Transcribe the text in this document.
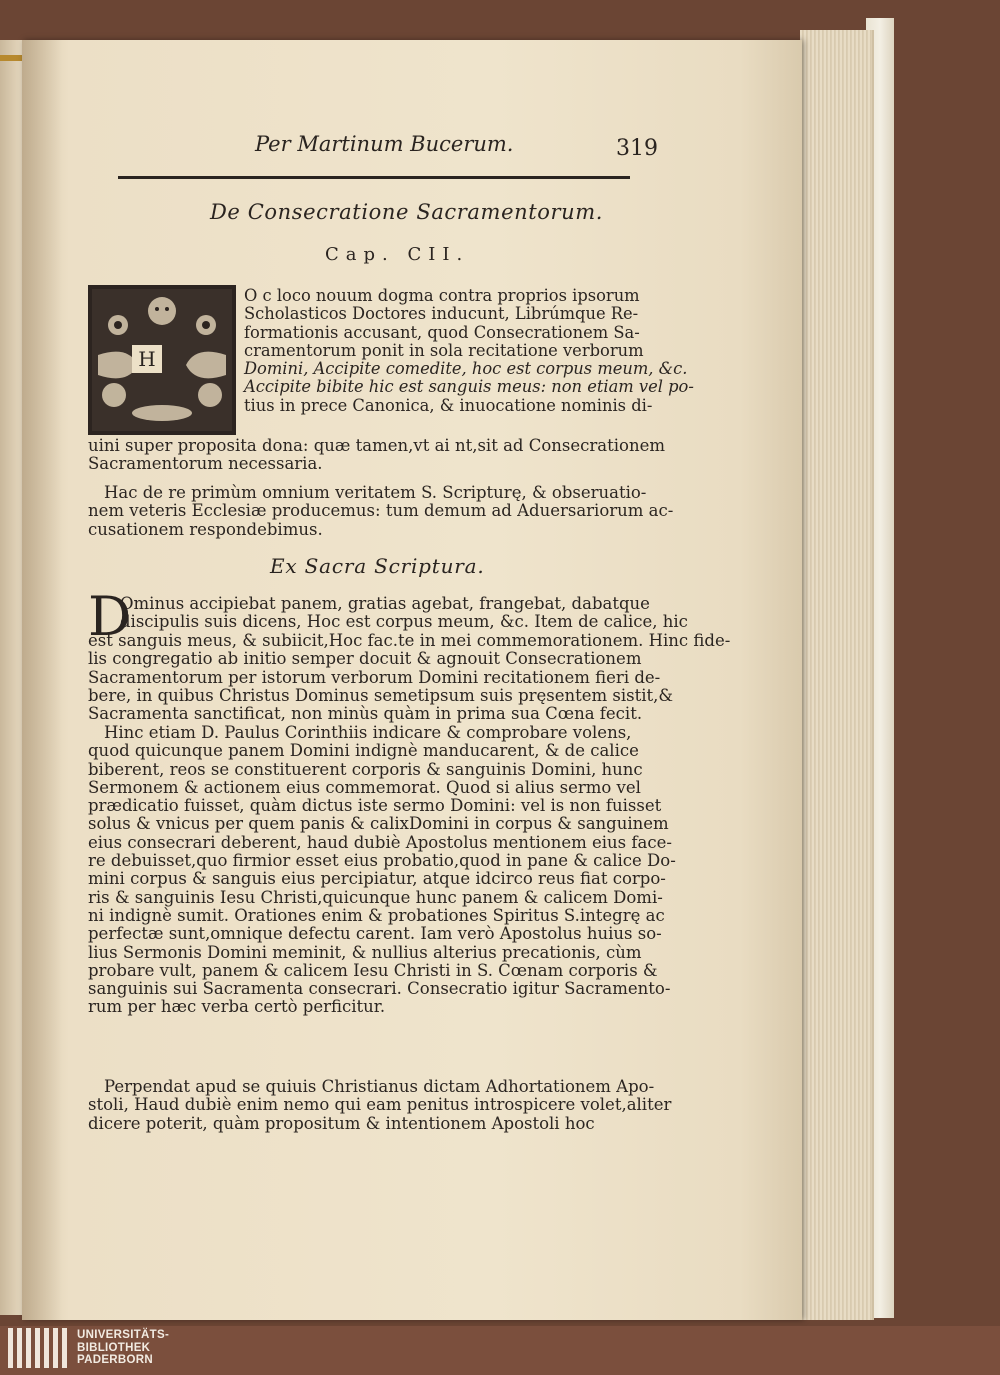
Per Martinum Bucerum.	319
De Consecratione Sacramentorum.
Cap. CII.
H
O c loco nouum dogma contra proprios ipsorum
Scholasticos Doctores inducunt, Librúmque Re-
formationis accusant, quod Consecrationem Sa-
cramentorum ponit in sola recitatione verborum
Domini, Accipite comedite, hoc est corpus meum, &c.
Accipite bibite hic est sanguis meus: non etiam vel po-
tius in prece Canonica, & inuocatione nominis di-
uini super proposita dona: quæ tamen,vt ai nt,sit ad Consecrationem
Sacramentorum necessaria.
Hac de re primùm omnium veritatem S. Scripturę, & obseruatio-
nem veteris Ecclesiæ producemus: tum demum ad Aduersariorum ac-
cusationem respondebimus.
Ex Sacra Scriptura.
D
Ominus accipiebat panem, gratias agebat, frangebat, dabatque
discipulis suis dicens, Hoc est corpus meum, &c. Item de calice, hic
est sanguis meus, & subiicit,Hoc fac.te in mei commemorationem. Hinc fide-
lis congregatio ab initio semper docuit & agnouit Consecrationem
Sacramentorum per istorum verborum Domini recitationem fieri de-
bere, in quibus Christus Dominus semetipsum suis pręsentem sistit,&
Sacramenta sanctificat, non minùs quàm in prima sua Cœna fecit.
Hinc etiam D. Paulus Corinthiis indicare & comprobare volens,
quod quicunque panem Domini indignè manducarent, & de calice
biberent, reos se constituerent corporis & sanguinis Domini, hunc
Sermonem & actionem eius commemorat. Quod si alius sermo vel
prædicatio fuisset, quàm dictus iste sermo Domini: vel is non fuisset
solus & vnicus per quem panis & calixDomini in corpus & sanguinem
eius consecrari deberent, haud dubiè Apostolus mentionem eius face-
re debuisset,quo firmior esset eius probatio,quod in pane & calice Do-
mini corpus & sanguis eius percipiatur, atque idcirco reus fiat corpo-
ris & sanguinis Iesu Christi,quicunque hunc panem & calicem Domi-
ni indignè sumit. Orationes enim & probationes Spiritus S.integrę ac
perfectæ sunt,omnique defectu carent. Iam verò Apostolus huius so-
lius Sermonis Domini meminit, & nullius alterius precationis, cùm
probare vult, panem & calicem Iesu Christi in S. Cœnam corporis &
sanguinis sui Sacramenta consecrari. Consecratio igitur Sacramento-
rum per hæc verba certò perficitur.
Perpendat apud se quiuis Christianus dictam Adhortationem Apo-
stoli, Haud dubiè enim nemo qui eam penitus introspicere volet,aliter
dicere poterit, quàm propositum & intentionem Apostoli hoc
UNIVERSITÄTS-
BIBLIOTHEK
PADERBORN
